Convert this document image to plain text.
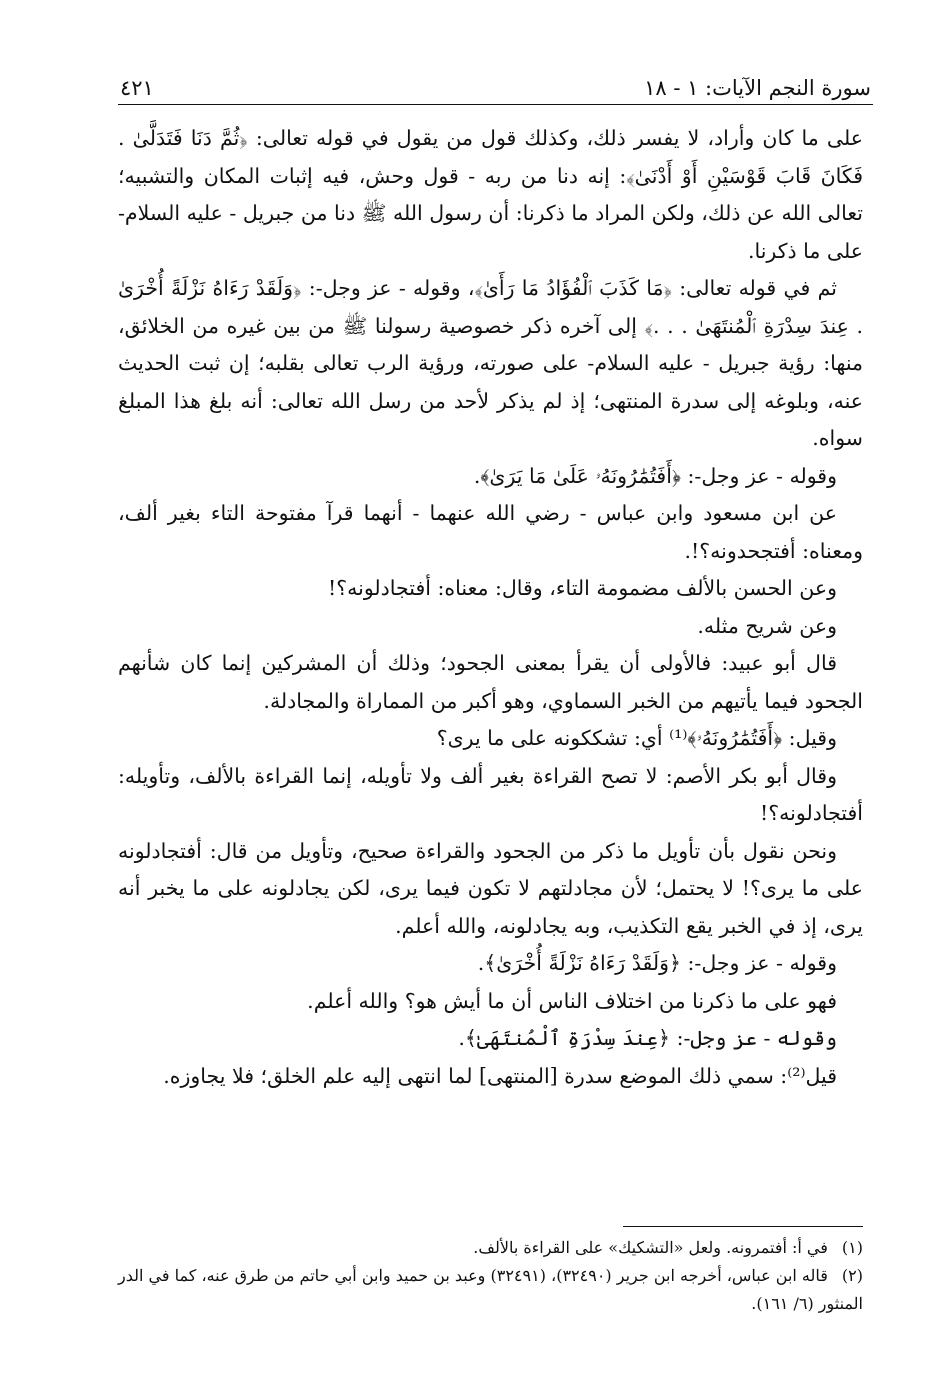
سورة النجم الآيات: ١ - ١٨
٤٢١

على ما كان وأراد، لا يفسر ذلك، وكذلك قول من يقول في قوله تعالى: ﴿ثُمَّ دَنَا فَتَدَلَّىٰ . فَكَانَ قَابَ قَوْسَيْنِ أَوْ أَدْنَىٰ﴾: إنه دنا من ربه - قول وحش، فيه إثبات المكان والتشبيه؛ تعالى الله عن ذلك، ولكن المراد ما ذكرنا: أن رسول الله ﷺ دنا من جبريل - عليه السلام- على ما ذكرنا.

ثم في قوله تعالى: ﴿مَا كَذَبَ ٱلْفُؤَادُ مَا رَأَىٰ﴾، وقوله - عز وجل-: ﴿وَلَقَدْ رَءَاهُ نَزْلَةً أُخْرَىٰ . عِندَ سِدْرَةِ ٱلْمُنتَهَىٰ . . .﴾ إلى آخره ذكر خصوصية رسولنا ﷺ من بين غيره من الخلائق، منها: رؤية جبريل - عليه السلام- على صورته، ورؤية الرب تعالى بقلبه؛ إن ثبت الحديث عنه، وبلوغه إلى سدرة المنتهى؛ إذ لم يذكر لأحد من رسل الله تعالى: أنه بلغ هذا المبلغ سواه.

وقوله - عز وجل-: ﴿أَفَتُمَٰرُونَهُۥ عَلَىٰ مَا يَرَىٰ﴾.

عن ابن مسعود وابن عباس - رضي الله عنهما - أنهما قرآ مفتوحة التاء بغير ألف، ومعناه: أفتجحدونه؟!.

وعن الحسن بالألف مضمومة التاء، وقال: معناه: أفتجادلونه؟!

وعن شريح مثله.

قال أبو عبيد: فالأولى أن يقرأ بمعنى الجحود؛ وذلك أن المشركين إنما كان شأنهم الجحود فيما يأتيهم من الخبر السماوي، وهو أكبر من المماراة والمجادلة.

وقيل: ﴿أَفَتُمَٰرُونَهُۥ﴾⁽¹⁾ أي: تشككونه على ما يرى؟

وقال أبو بكر الأصم: لا تصح القراءة بغير ألف ولا تأويله، إنما القراءة بالألف، وتأويله: أفتجادلونه؟!

ونحن نقول بأن تأويل ما ذكر من الجحود والقراءة صحيح، وتأويل من قال: أفتجادلونه على ما يرى؟! لا يحتمل؛ لأن مجادلتهم لا تكون فيما يرى، لكن يجادلونه على ما يخبر أنه يرى، إذ في الخبر يقع التكذيب، وبه يجادلونه، والله أعلم.

وقوله - عز وجل-: ﴿وَلَقَدْ رَءَاهُ نَزْلَةً أُخْرَىٰ﴾.

فهو على ما ذكرنا من اختلاف الناس أن ما أيش هو؟ والله أعلم.

وقوله - عز وجل-: ﴿عِندَ سِدْرَةِ ٱلْمُنتَهَىٰ﴾.

قيل⁽²⁾: سمي ذلك الموضع سدرة [المنتهى] لما انتهى إليه علم الخلق؛ فلا يجاوزه.

(١) في أ: أفتمرونه. ولعل «التشكيك» على القراءة بالألف.

(٢) قاله ابن عباس، أخرجه ابن جرير (٣٢٤٩٠)، (٣٢٤٩١) وعبد بن حميد وابن أبي حاتم من طرق عنه، كما في الدر المنثور (٦/ ١٦١).
